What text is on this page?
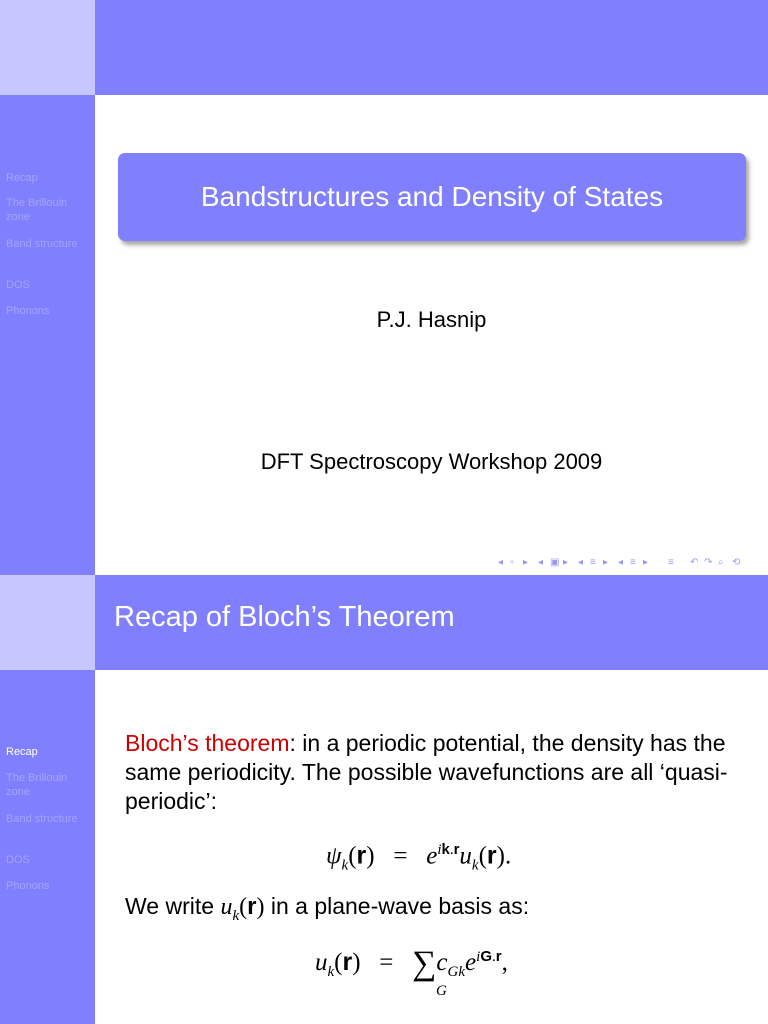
Recap
The Brillouin zone
Band structure
DOS
Phonons
Bandstructures and Density of States
P.J. Hasnip
DFT Spectroscopy Workshop 2009
◂ ▫ ▸ ◂ ▣ ▸ ◂ ≡ ▸ ◂ ≡ ▸ ≡ ↶ ↷ ⌕ ⟲
Recap of Bloch’s Theorem
Recap
The Brillouin zone
Band structure
DOS
Phonons
Bloch’s theorem: in a periodic potential, the density has the same periodicity. The possible wavefunctions are all ‘quasi-periodic’:
$\psi_k(r) = e^{ik.r}u_k(r)$.
We write $u_k(r)$ in a plane-wave basis as:
$u_k(r) = \sum c_{Gk}e^{iG.r}$,
G
